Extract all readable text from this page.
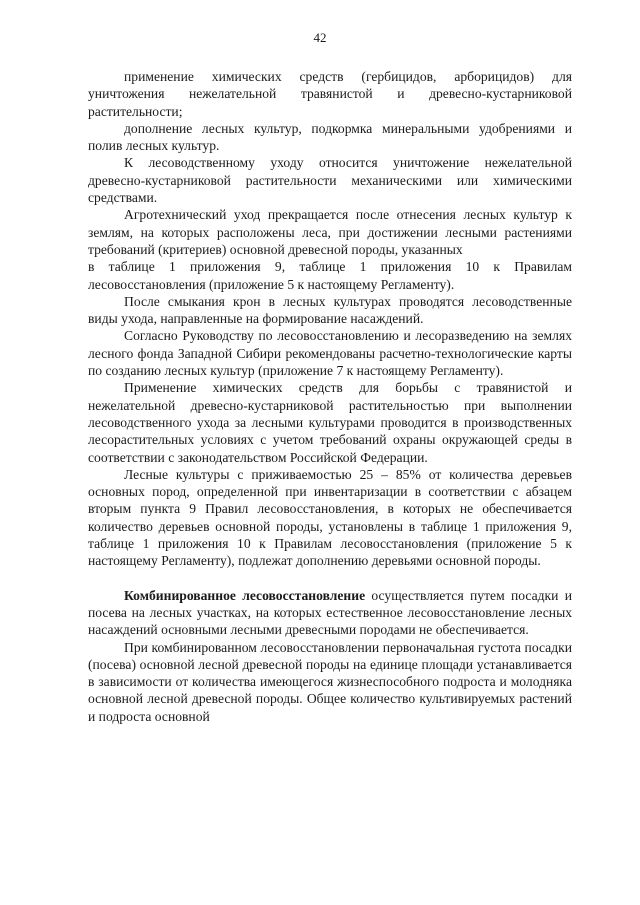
42

применение химических средств (гербицидов, арборицидов) для уничтожения нежелательной травянистой и древесно-кустарниковой растительности;

дополнение лесных культур, подкормка минеральными удобрениями и полив лесных культур.

К лесоводственному уходу относится уничтожение нежелательной древесно-кустарниковой растительности механическими или химическими средствами.

Агротехнический уход прекращается после отнесения лесных культур к землям, на которых расположены леса, при достижении лесными растениями требований (критериев) основной древесной породы, указанных

в таблице 1 приложения 9, таблице 1 приложения 10 к Правилам лесовосстановления (приложение 5 к настоящему Регламенту).

После смыкания крон в лесных культурах проводятся лесоводственные виды ухода, направленные на формирование насаждений.

Согласно Руководству по лесовосстановлению и лесоразведению на землях лесного фонда Западной Сибири рекомендованы расчетно-технологические карты по созданию лесных культур (приложение 7 к настоящему Регламенту).

Применение химических средств для борьбы с травянистой и нежелательной древесно-кустарниковой растительностью при выполнении лесоводственного ухода за лесными культурами проводится в производственных лесорастительных условиях с учетом требований охраны окружающей среды в соответствии с законодательством Российской Федерации.

Лесные культуры с приживаемостью 25 – 85% от количества деревьев основных пород, определенной при инвентаризации в соответствии с абзацем вторым пункта 9 Правил лесовосстановления, в которых не обеспечивается количество деревьев основной породы, установлены в таблице 1 приложения 9, таблице 1 приложения 10 к Правилам лесовосстановления (приложение 5 к настоящему Регламенту), подлежат дополнению деревьями основной породы.

Комбинированное лесовосстановление осуществляется путем посадки и посева на лесных участках, на которых естественное лесовосстановление лесных насаждений основными лесными древесными породами не обеспечивается.

При комбинированном лесовосстановлении первоначальная густота посадки (посева) основной лесной древесной породы на единице площади устанавливается в зависимости от количества имеющегося жизнеспособного подроста и молодняка основной лесной древесной породы. Общее количество культивируемых растений и подроста основной
